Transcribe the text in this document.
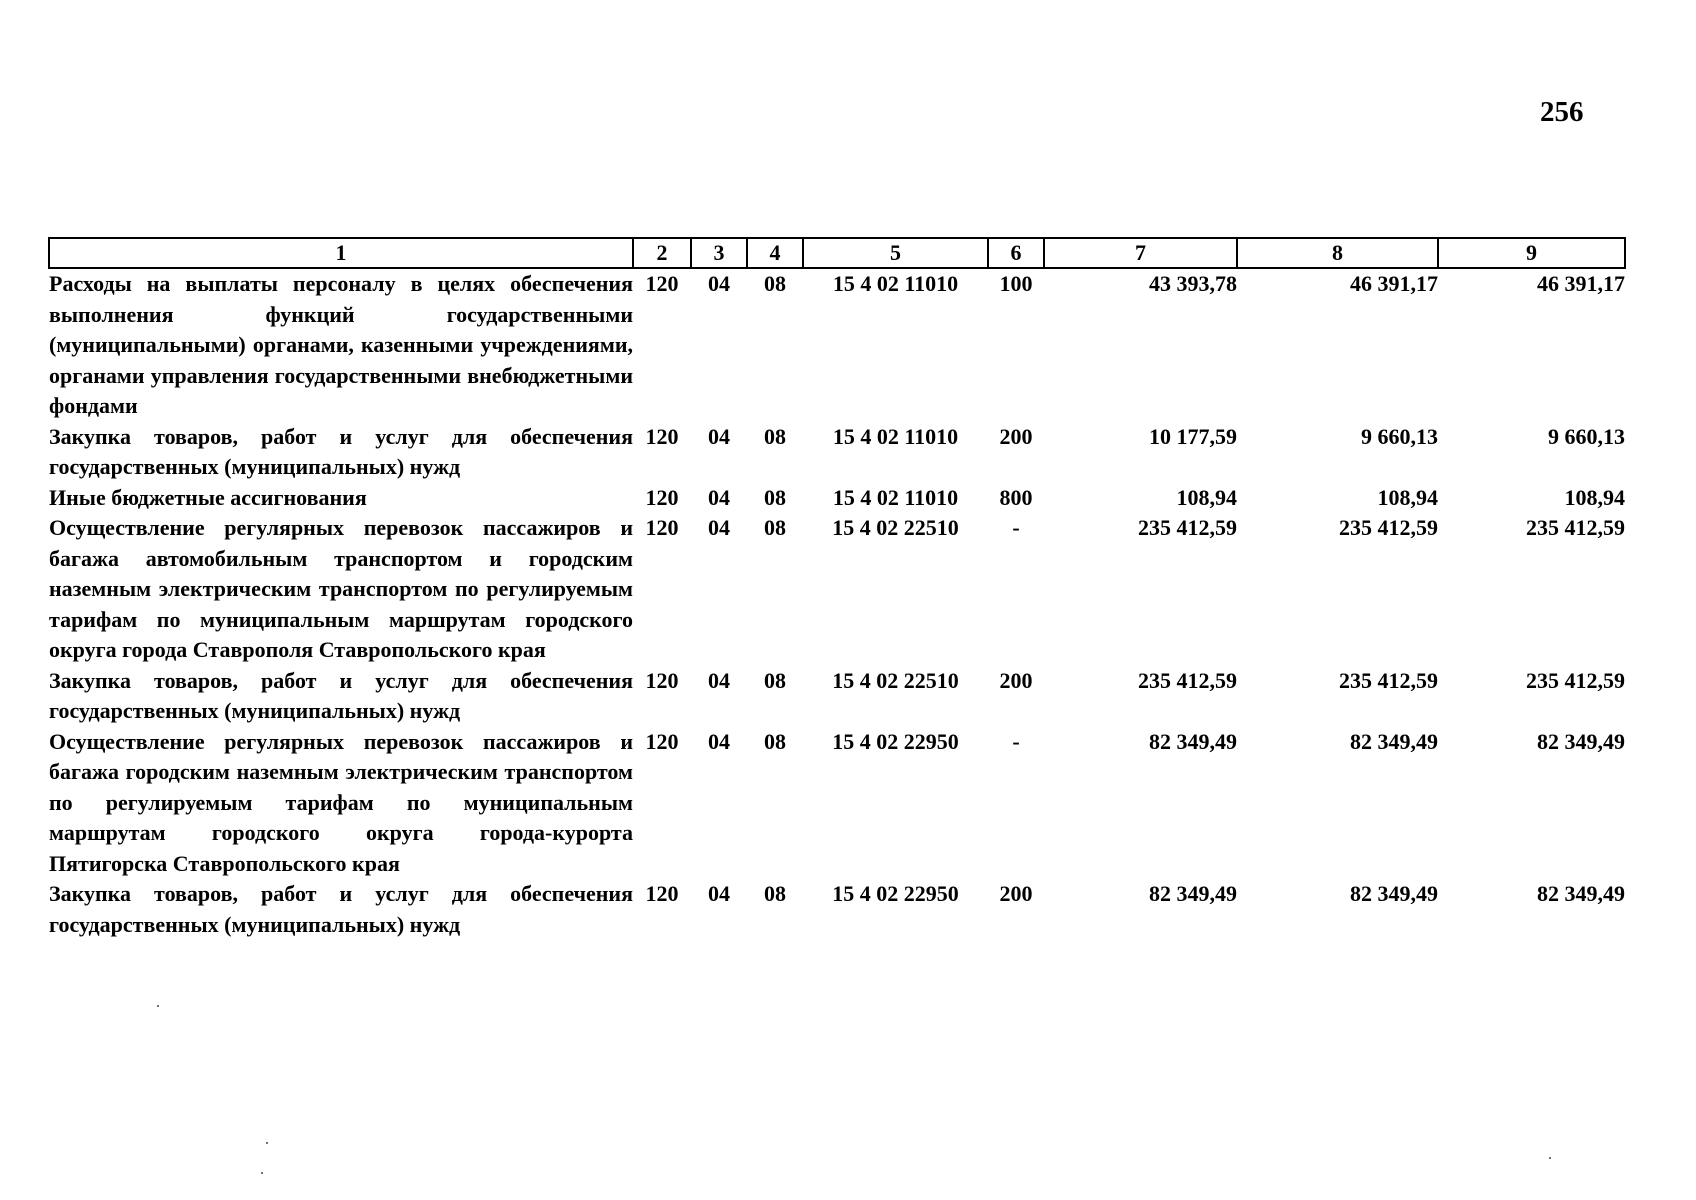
256
1	2	3	4	5	6	7	8	9
Расходы на выплаты персоналу в целях обеспечения выполнения функций государственными (муниципальными) органами, казенными учреждениями, органами управления государственными внебюджетными фондами	120	04	08	15 4 02 11010	100	43 393,78	46 391,17	46 391,17
Закупка товаров, работ и услуг для обеспечения государственных (муниципальных) нужд	120	04	08	15 4 02 11010	200	10 177,59	9 660,13	9 660,13
Иные бюджетные ассигнования	120	04	08	15 4 02 11010	800	108,94	108,94	108,94
Осуществление регулярных перевозок пассажиров и багажа автомобильным транспортом и городским наземным электрическим транспортом по регулируемым тарифам по муниципальным маршрутам городского округа города Ставрополя Ставропольского края	120	04	08	15 4 02 22510	-	235 412,59	235 412,59	235 412,59
Закупка товаров, работ и услуг для обеспечения государственных (муниципальных) нужд	120	04	08	15 4 02 22510	200	235 412,59	235 412,59	235 412,59
Осуществление регулярных перевозок пассажиров и багажа городским наземным электрическим транспортом по регулируемым тарифам по муниципальным маршрутам городского округа города-курорта Пятигорска Ставропольского края	120	04	08	15 4 02 22950	-	82 349,49	82 349,49	82 349,49
Закупка товаров, работ и услуг для обеспечения государственных (муниципальных) нужд	120	04	08	15 4 02 22950	200	82 349,49	82 349,49	82 349,49
